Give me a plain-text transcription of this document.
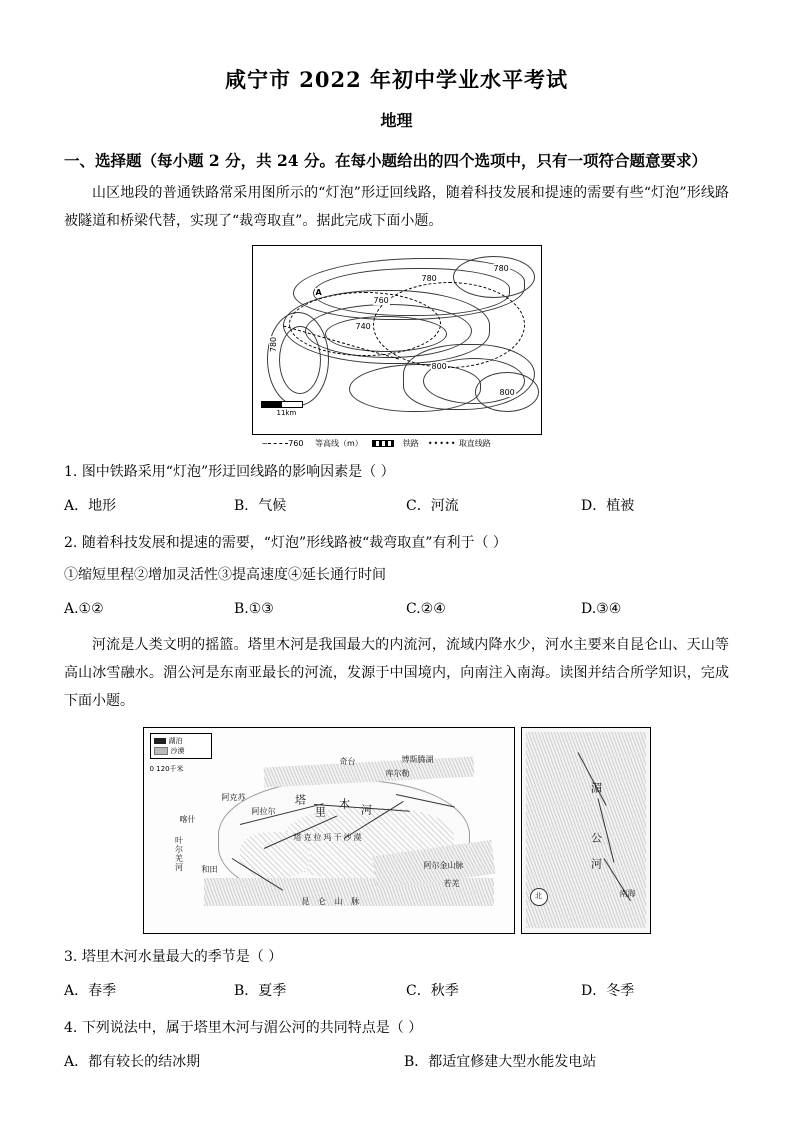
咸宁市 2022 年初中学业水平考试
地理
一、选择题（每小题 2 分，共 24 分。在每小题给出的四个选项中，只有一项符合题意要求）
山区地段的普通铁路常采用图所示的“灯泡”形迂回线路，随着科技发展和提速的需要有些“灯泡”形线路被隧道和桥梁代替，实现了“裁弯取直”。据此完成下面小题。
780
780
760
740
780
800
800
A
11km
~	760 等高线（m）	铁路 ••••• 取直线路
1. 图中铁路采用“灯泡”形迂回线路的影响因素是（ ）
A．地形	B．气候	C．河流	D．植被
2. 随着科技发展和提速的需要，“灯泡”形线路被“裁弯取直”有利于（ ）
①缩短里程②增加灵活性③提高速度④延长通行时间
A.①②	B.①③	C.②④	D.③④
河流是人类文明的摇篮。塔里木河是我国最大的内流河，流域内降水少，河水主要来自昆仑山、天山等高山冰雪融水。湄公河是东南亚最长的河流，发源于中国境内，向南注入南海。读图并结合所学知识，完成下面小题。
湖泊
沙漠
0 120千米
阿克苏
阿拉尔
奇台
库尔勒
博斯腾湖
塔
里
木 河
塔克拉玛干沙漠
喀什
和田
叶尔羌河
昆 仑 山 脉
阿尔金山脉
若羌
湄
公
河
南海
北
3. 塔里木河水量最大的季节是（ ）
A．春季	B．夏季	C．秋季	D．冬季
4. 下列说法中，属于塔里木河与湄公河的共同特点是（ ）
A．都有较长的结冰期	B．都适宜修建大型水能发电站
